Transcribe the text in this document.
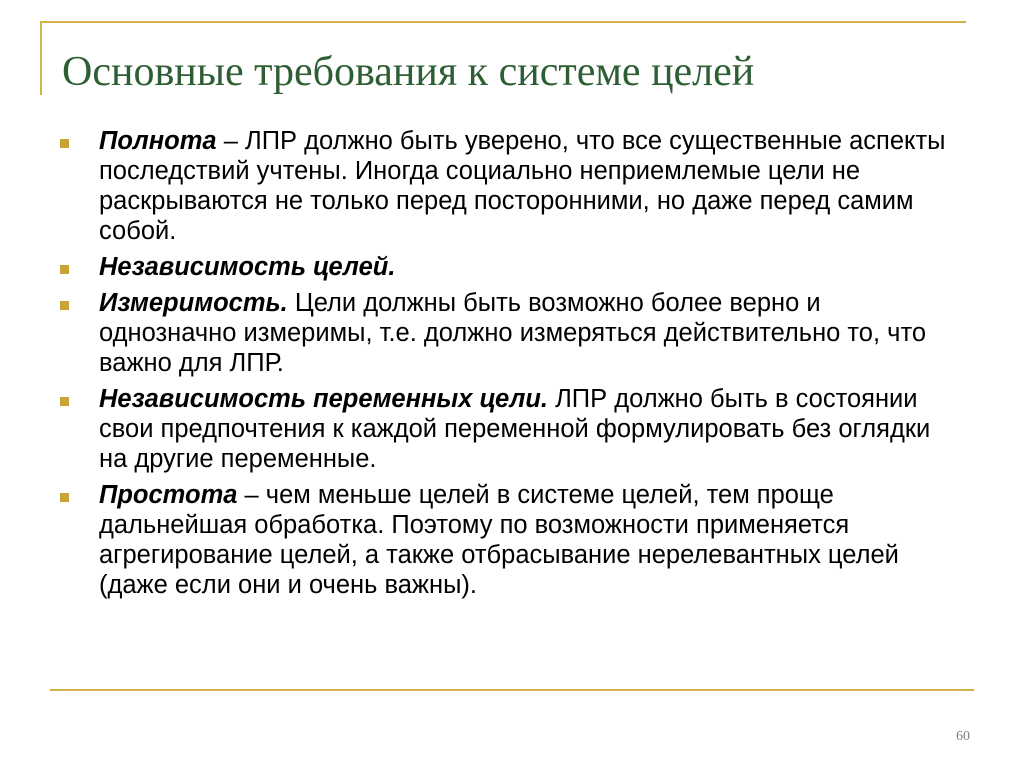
Основные требования к системе целей
Полнота – ЛПР должно быть уверено, что все существенные аспекты последствий учтены. Иногда социально неприемлемые цели не раскрываются не только перед посторонними, но даже перед самим собой.
Независимость целей.
Измеримость. Цели должны быть возможно более верно и однозначно измеримы, т.е. должно измеряться действительно то, что важно для ЛПР.
Независимость переменных цели. ЛПР должно быть в состоянии свои предпочтения к каждой переменной формулировать без оглядки на другие переменные.
Простота – чем меньше целей в системе целей, тем проще дальнейшая обработка. Поэтому по возможности применяется агрегирование целей, а также отбрасывание нерелевантных целей (даже если они и очень важны).
60
